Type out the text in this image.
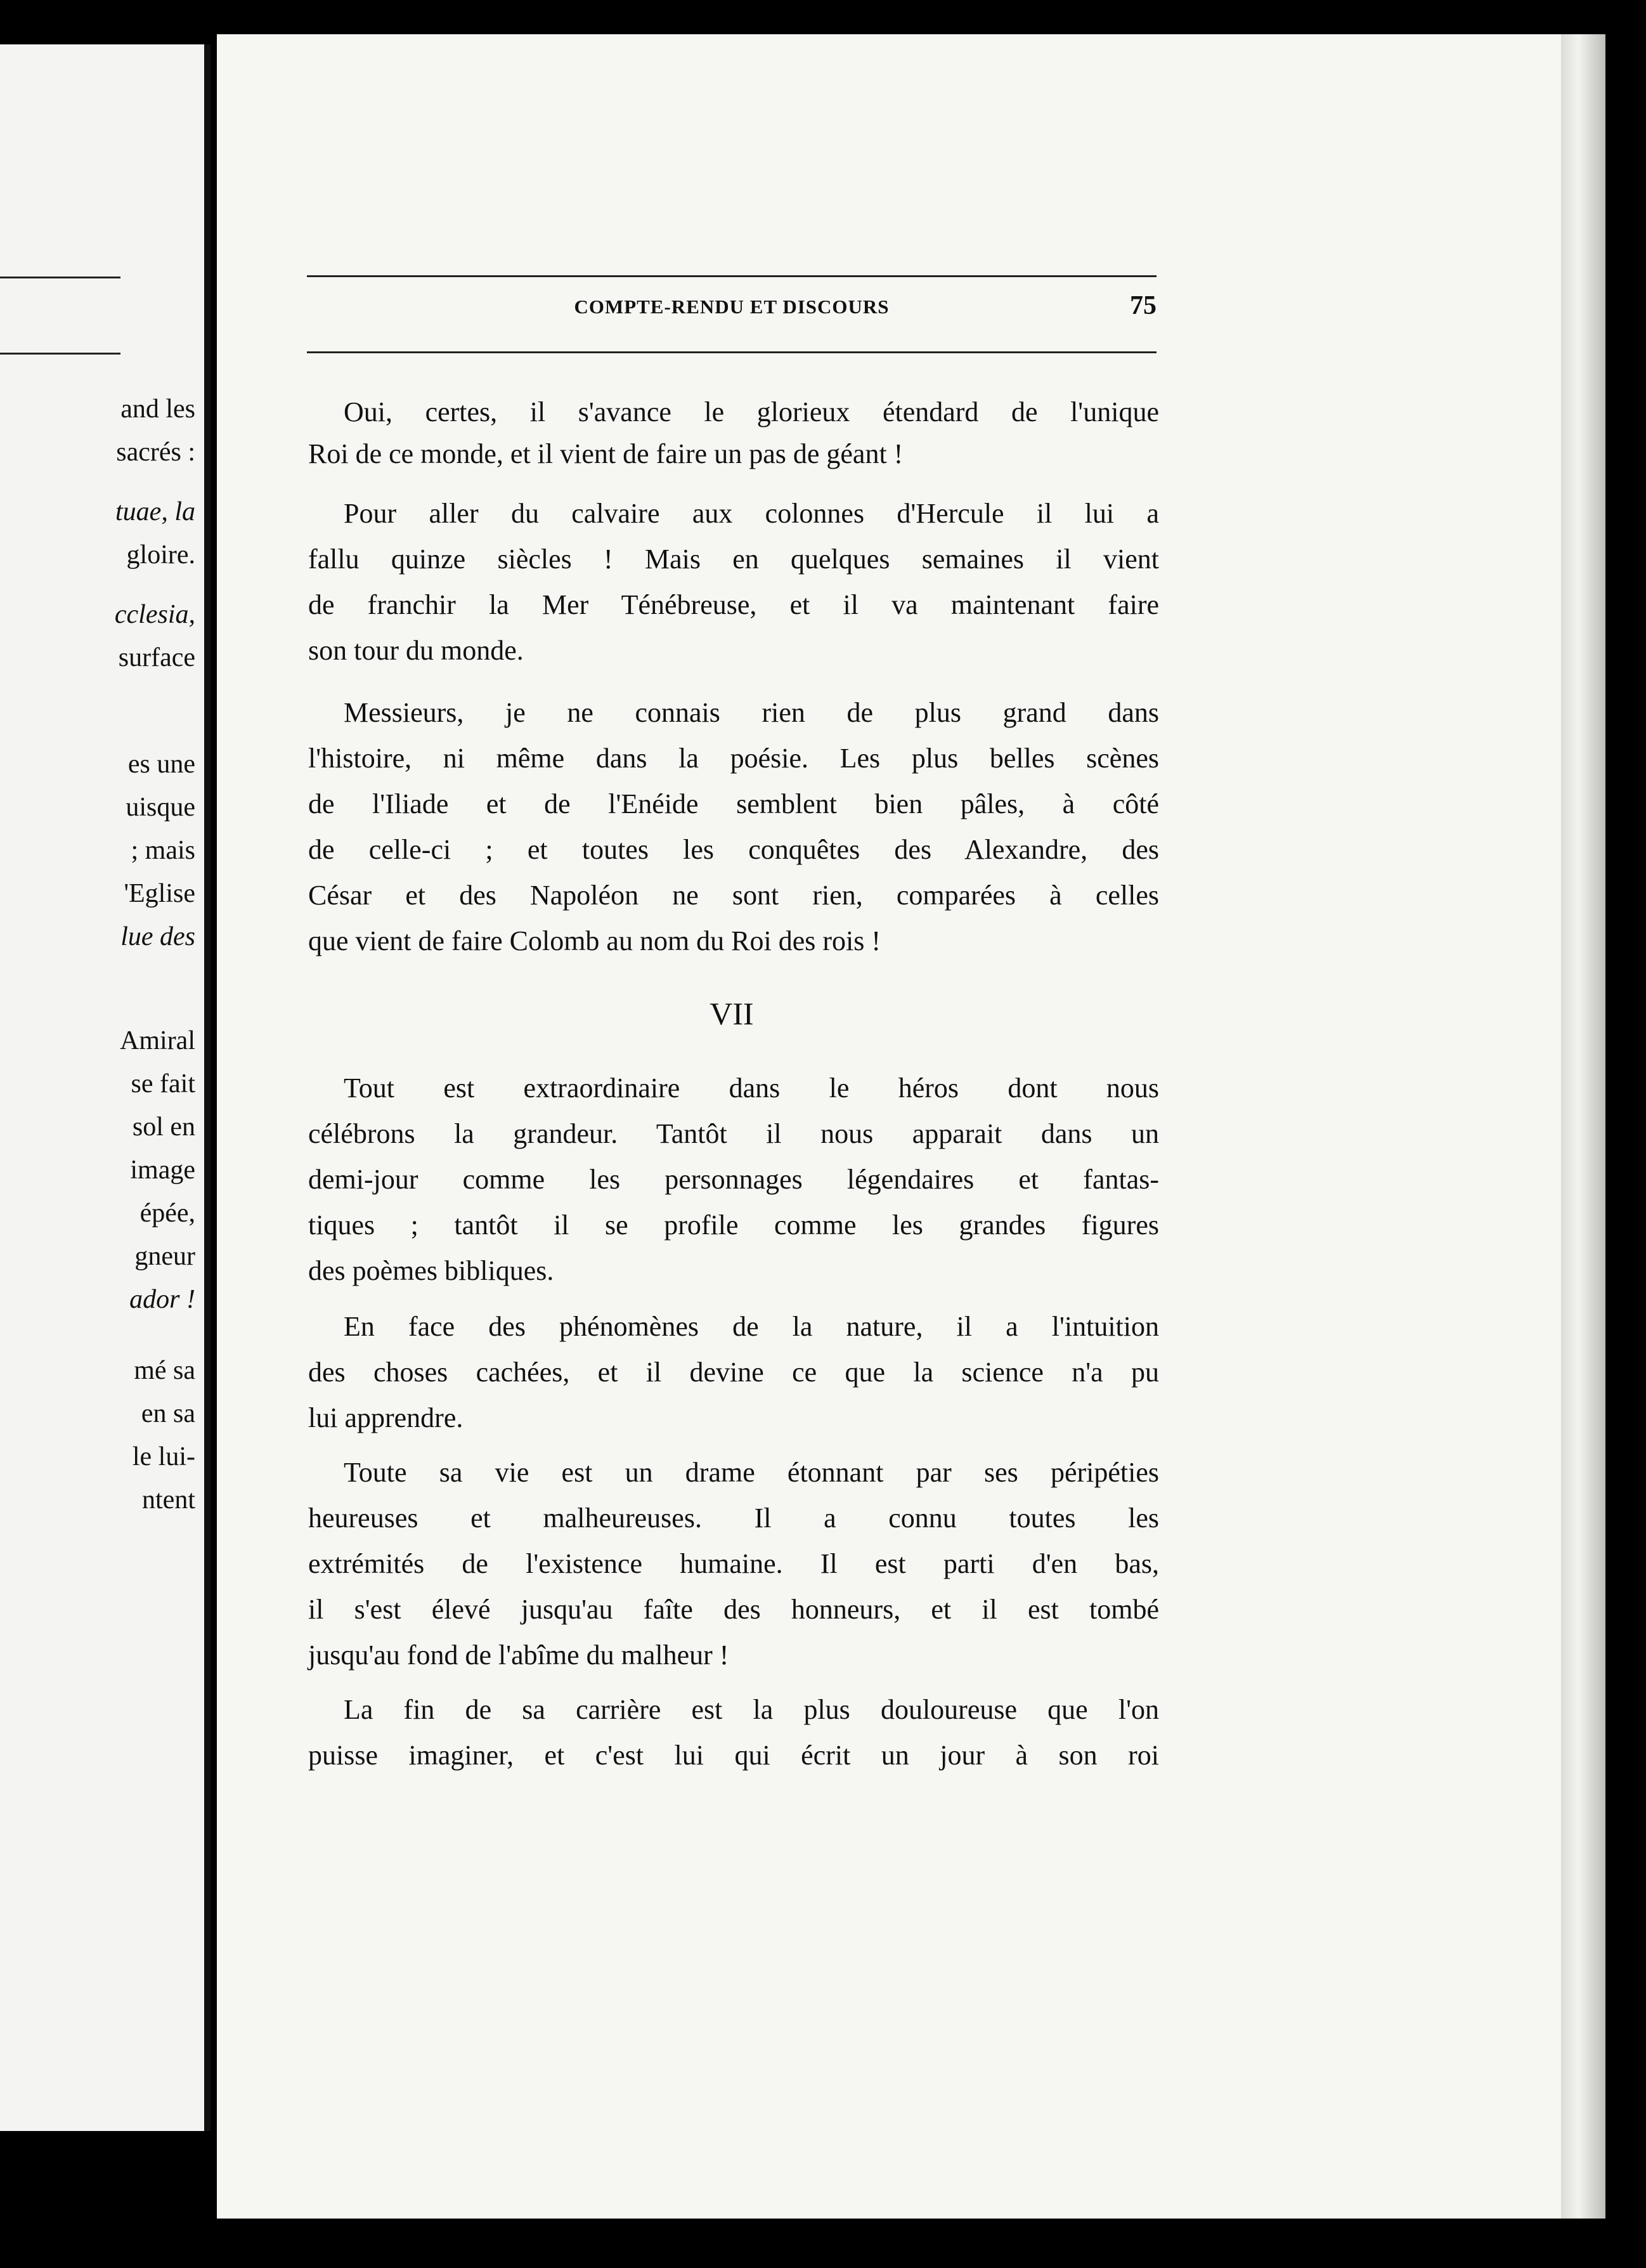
and les
sacrés :
tuae, la
gloire.
cclesia,
surface
es une
uisque
; mais
'Eglise
lue des
Amiral
se fait
sol en
image
épée,
gneur
ador !
mé sa
en sa
le lui-
ntent
COMPTE-RENDU ET DISCOURS	75
Oui, certes, il s'avance le glorieux étendard de l'unique
Roi de ce monde, et il vient de faire un pas de géant !
Pour aller du calvaire aux colonnes d'Hercule il lui a
fallu quinze siècles ! Mais en quelques semaines il vient
de franchir la Mer Ténébreuse, et il va maintenant faire
son tour du monde.
Messieurs, je ne connais rien de plus grand dans
l'histoire, ni même dans la poésie. Les plus belles scènes
de l'Iliade et de l'Enéide semblent bien pâles, à côté
de celle-ci ; et toutes les conquêtes des Alexandre, des
César et des Napoléon ne sont rien, comparées à celles
que vient de faire Colomb au nom du Roi des rois !
VII
Tout est extraordinaire dans le héros dont nous
célébrons la grandeur. Tantôt il nous apparait dans un
demi-jour comme les personnages légendaires et fantas-
tiques ; tantôt il se profile comme les grandes figures
des poèmes bibliques.
En face des phénomènes de la nature, il a l'intuition
des choses cachées, et il devine ce que la science n'a pu
lui apprendre.
Toute sa vie est un drame étonnant par ses péripéties
heureuses et malheureuses. Il a connu toutes les
extrémités de l'existence humaine. Il est parti d'en bas,
il s'est élevé jusqu'au faîte des honneurs, et il est tombé
jusqu'au fond de l'abîme du malheur !
La fin de sa carrière est la plus douloureuse que l'on
puisse imaginer, et c'est lui qui écrit un jour à son roi
